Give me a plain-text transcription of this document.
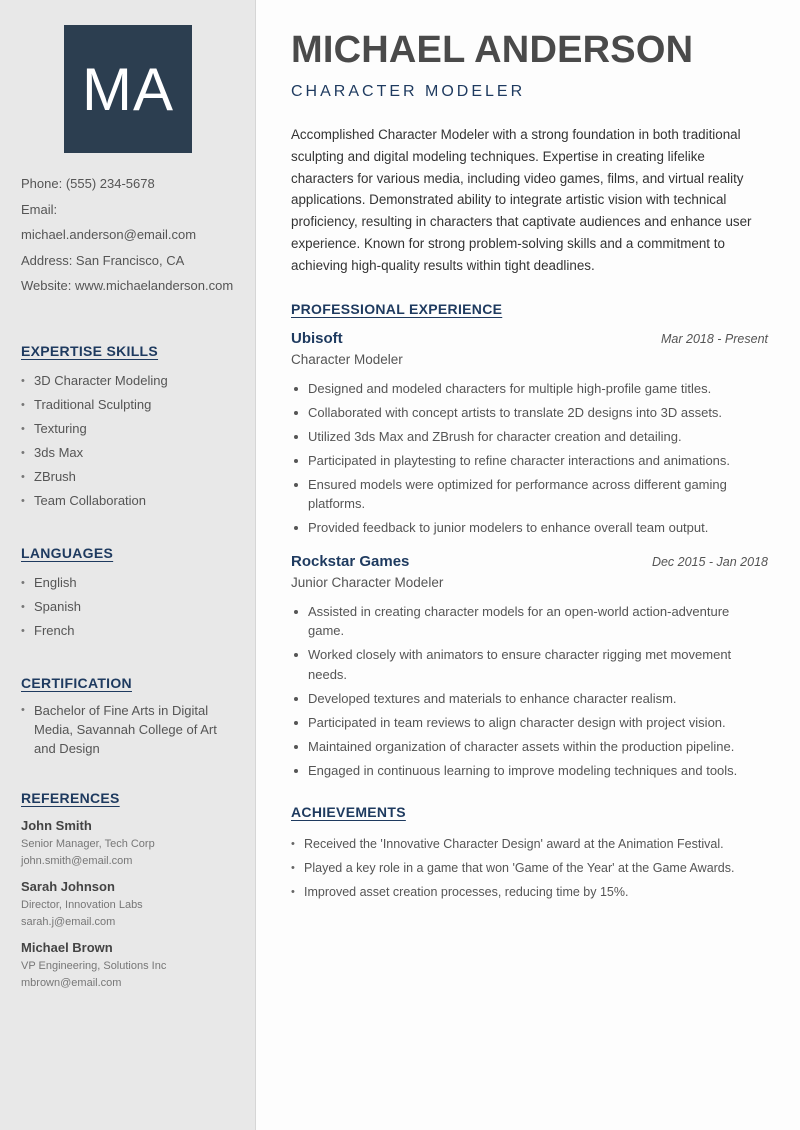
MA
Phone: (555) 234-5678
Email: michael.anderson@email.com
Address: San Francisco, CA
Website: www.michaelanderson.com
EXPERTISE SKILLS
• 3D Character Modeling
• Traditional Sculpting
• Texturing
• 3ds Max
• ZBrush
• Team Collaboration
LANGUAGES
• English
• Spanish
• French
CERTIFICATION
• Bachelor of Fine Arts in Digital Media, Savannah College of Art and Design
REFERENCES
John Smith
Senior Manager, Tech Corp
john.smith@email.com
Sarah Johnson
Director, Innovation Labs
sarah.j@email.com
Michael Brown
VP Engineering, Solutions Inc
mbrown@email.com
MICHAEL ANDERSON
CHARACTER MODELER

Accomplished Character Modeler with a strong foundation in both traditional sculpting and digital modeling techniques. Expertise in creating lifelike characters for various media, including video games, films, and virtual reality applications. Demonstrated ability to integrate artistic vision with technical proficiency, resulting in characters that captivate audiences and enhance user experience. Known for strong problem-solving skills and a commitment to achieving high-quality results within tight deadlines.

PROFESSIONAL EXPERIENCE
Ubisoft	Mar 2018 - Present
Character Modeler
Designed and modeled characters for multiple high-profile game titles.
Collaborated with concept artists to translate 2D designs into 3D assets.
Utilized 3ds Max and ZBrush for character creation and detailing.
Participated in playtesting to refine character interactions and animations.
Ensured models were optimized for performance across different gaming platforms.
Provided feedback to junior modelers to enhance overall team output.
Rockstar Games	Dec 2015 - Jan 2018
Junior Character Modeler
Assisted in creating character models for an open-world action-adventure game.
Worked closely with animators to ensure character rigging met movement needs.
Developed textures and materials to enhance character realism.
Participated in team reviews to align character design with project vision.
Maintained organization of character assets within the production pipeline.
Engaged in continuous learning to improve modeling techniques and tools.
ACHIEVEMENTS
• Received the 'Innovative Character Design' award at the Animation Festival.
• Played a key role in a game that won 'Game of the Year' at the Game Awards.
• Improved asset creation processes, reducing time by 15%.
